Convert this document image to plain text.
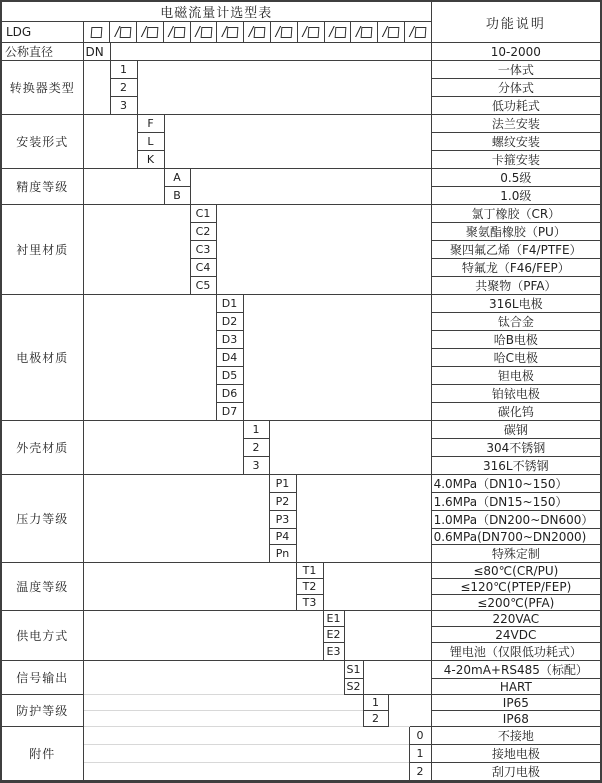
电磁流量计选型表															功能说明
LDG	/ / / / / / / / / / / /

公称直径	DN														10-2000
转换器类型		1													一体式
		2													分体式
		3													低功耗式
安装形式			F												法兰安装
			L												螺纹安装
			K												卡箍安装
精度等级				A											0.5级
				B											1.0级
衬里材质					C1										氯丁橡胶（CR）
					C2										聚氨酯橡胶（PU）
					C3										聚四氟乙烯（F4/PTFE）
					C4										特氟龙（F46/FEP）
					C5										共聚物（PFA）
电极材质						D1									316L电极
						D2									钛合金
						D3									哈B电极
						D4									哈C电极
						D5									钽电极
						D6									铂铱电极
						D7									碳化钨
外壳材质							1								碳钢
							2								304不锈钢
							3								316L不锈钢
压力等级								P1							4.0MPa（DN10~150）
								P2							1.6MPa（DN15~150）
								P3							1.0MPa（DN200~DN600）
								P4							0.6MPa(DN700~DN2000)
								Pn							特殊定制
温度等级									T1						≤80℃(CR/PU)
									T2						≤120℃(PTEP/FEP)
									T3						≤200℃(PFA)
供电方式										E1					220VAC
										E2					24VDC
										E3					锂电池（仅限低功耗式）
信号输出											S1				4-20mA+RS485（标配）
											S2				HART
防护等级												1			IP65
												2			IP68
附件														0	不接地
														1	接地电极
														2	刮刀电极
